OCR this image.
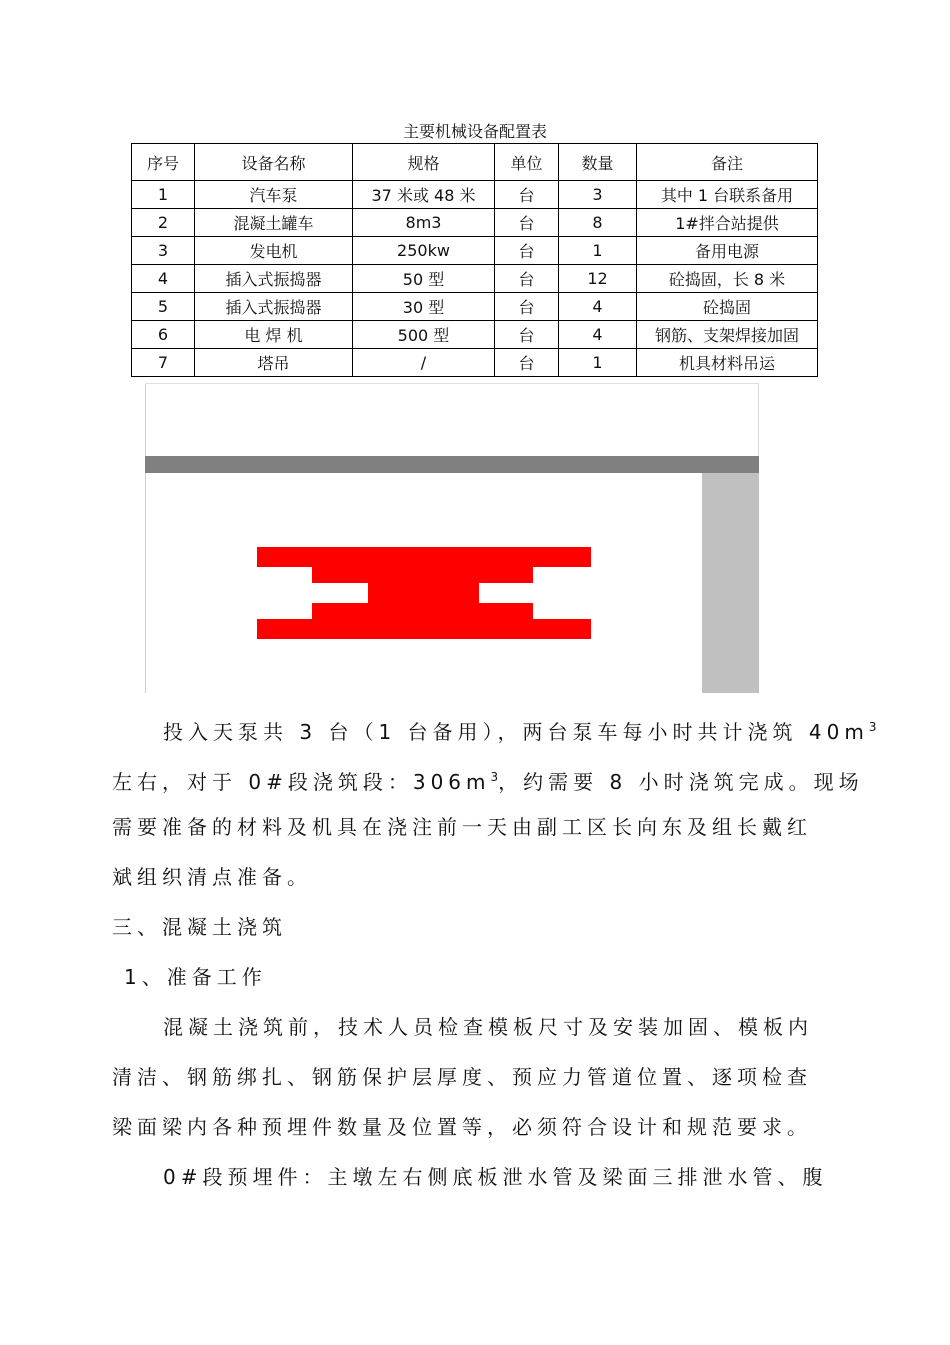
主要机械设备配置表
序号	设备名称	规格	单位	数量	备注
1	汽车泵	37 米或 48 米	台	3	其中 1 台联系备用
2	混凝土罐车	8m3	台	8	1#拌合站提供
3	发电机	250kw	台	1	备用电源
4	插入式振捣器	50 型	台	12	砼捣固，长 8 米
5	插入式振捣器	30 型	台	4	砼捣固
6	电 焊 机	500 型	台	4	钢筋、支架焊接加固
7	塔吊	/	台	1	机具材料吊运

投入天泵共 3 台（1 台备用），两台泵车每小时共计浇筑 $40m^3$

左右，对于 0#段浇筑段：$306m^3$，约需要 8 小时浇筑完成。现场

需要准备的材料及机具在浇注前一天由副工区长向东及组长戴红

斌组织清点准备。

三、混凝土浇筑

1、准备工作

混凝土浇筑前，技术人员检查模板尺寸及安装加固、模板内

清洁、钢筋绑扎、钢筋保护层厚度、预应力管道位置、逐项检查

梁面梁内各种预埋件数量及位置等，必须符合设计和规范要求。

0#段预埋件：主墩左右侧底板泄水管及梁面三排泄水管、腹
